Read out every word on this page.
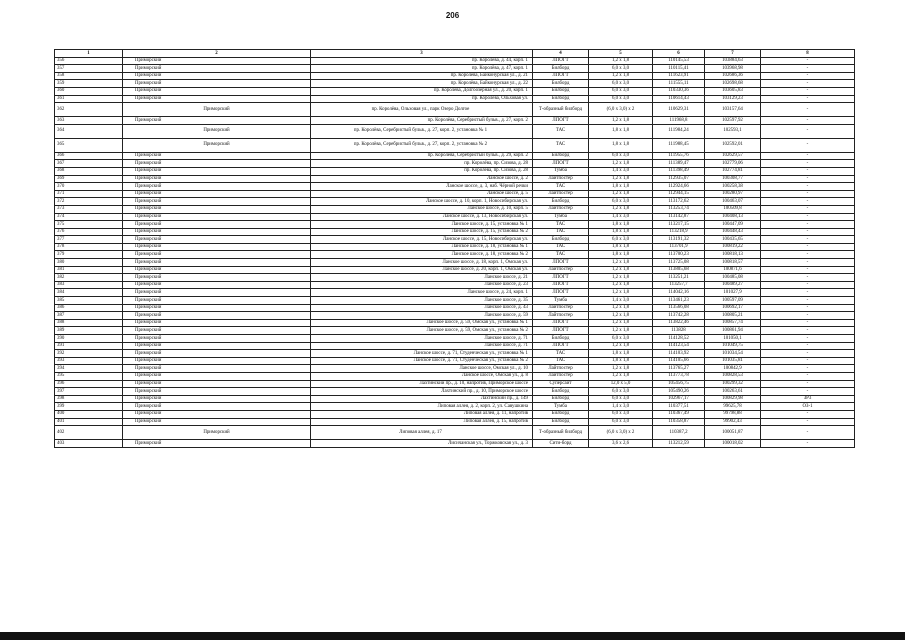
206
1	2	3	4	5	6	7	8
356	Приморский	пр. Королёва, д. 44, корп. 1	ЛПОГТ	1,2 x 1,8	110145,53	103884,63	-
357	Приморский	пр. Королёва, д. 47, корп. 1	Билборд	6,0 x 3,0	110115,41	103968,98	-
358	Приморский	пр. Королёва, Байконурская ул., д. 21	ЛПОГТ	1,2 x 1,8	111623,91	102686,36	-
359	Приморский	пр. Королёва, Байконурская ул., д. 22	Билборд	6,0 x 3,0	111555,11	102698,68	-
360	Приморский	пр. Королёва, Долгоозёрная ул., д. 20, корп. 1	Билборд	6,0 x 3,0	110330,36	103605,83	-
361	Приморский	пр. Королёва, Ольховая ул.	Билборд	6,0 x 3,0	110614,43	103129,23	-
362	Приморский	пр. Королёва, Ольховая ул., парк Озеро Долгое	Т-образный билборд	(6,0 x 3,0) x 2	110629,31	103157,64	-
363	Приморский	пр. Королёва, Серебристый бульв., д. 27, корп. 2	ЛПОГТ	1,2 x 1,8	111968,8	102597,92	-
364	Приморский	пр. Королёва, Серебристый бульв., д. 27, корп. 2, установка № 1	ТАС	1,8 x 1,8	111984,24	102593,1	-
365	Приморский	пр. Королёва, Серебристый бульв., д. 27, корп. 2, установка № 2	ТАС	1,8 x 1,8	111988,45	102592,01	-
366	Приморский	пр. Королёва, Серебристый бульв., д. 29, корп. 2	Билборд	6,0 x 3,0	111955,76	102629,57	-
367	Приморский	пр. Королёва, пр. Сизова, д. 28	ЛПОГТ	1,2 x 1,8	111389,47	102779,06	-
368	Приморский	пр. Королёва, пр. Сизова, д. 28	Тумба	1,4 x 3,0	111398,49	102774,81	-
369	Приморский	Ланское шоссе, д. 2	Лайтпостер	1,2 x 1,8	112935,07	100308,77	-
370	Приморский	Ланское шоссе, д. 3, наб. Чёрной речки	ТАС	1,8 x 1,8	112924,66	100258,38	-
371	Приморский	Ланское шоссе, д. 5	Лайтпостер	1,2 x 1,8	112944,15	100280,97	-
372	Приморский	Ланское шоссе, д. 10, корп. 1, Новосибирская ул.	Билборд	6,0 x 3,0	113172,62	100463,07	-
373	Приморский	Ланское шоссе, д. 10, корп. 5	Лайтпостер	1,2 x 1,8	113253,74	100509,8	-
374	Приморский	Ланское шоссе, д. 13, Новосибирская ул.	Тумба	1,4 x 3,0	113142,87	100408,13	-
375	Приморский	Ланское шоссе, д. 15, установка № 1	ТАС	1,8 x 1,8	113217,15	100447,09	-
376	Приморский	Ланское шоссе, д. 15, установка № 2	ТАС	1,8 x 1,8	113218,9	100448,43	-
377	Приморский	Ланское шоссе, д. 15, Новосибирская ул.	Билборд	6,0 x 3,0	113191,32	100435,65	-
378	Приморский	Ланское шоссе, д. 18, установка № 1	ТАС	1,8 x 1,8	113701,9	100819,22	-
379	Приморский	Ланское шоссе, д. 18, установка № 2	ТАС	1,8 x 1,8	113700,23	100818,13	-
380	Приморский	Ланское шоссе, д. 18, корп. 1, Омская ул.	ЛПОГТ	1,2 x 1,8	113725,08	100818,57	-
381	Приморский	Ланское шоссе, д. 20, корп. 1, Омская ул.	Лайтпостер	1,2 x 1,8	113805,68	100871,6	-
382	Приморский	Ланское шоссе, д. 21	ЛПОГТ	1,2 x 1,8	113251,21	100485,08	-
383	Приморский	Ланское шоссе, д. 23	ЛПОГТ	1,2 x 1,8	113257,7	100489,27	-
384	Приморский	Ланское шоссе, д. 24, корп. 1	ЛПОГТ	1,2 x 1,8	114042,16	101027,9	-
385	Приморский	Ланское шоссе, д. 35	Тумба	1,4 x 3,0	113461,23	100597,09	-
386	Приморский	Ланское шоссе, д. 43	Лайтпостер	1,2 x 1,8	113566,08	100692,17	-
387	Приморский	Ланское шоссе, д. 59	Лайтпостер	1,2 x 1,8	113742,28	100805,21	-
388	Приморский	Ланское шоссе, д. 59, Омская ул., установка № 1	ЛПОГТ	1,2 x 1,8	113822,46	100857,74	-
389	Приморский	Ланское шоссе, д. 59, Омская ул., установка № 2	ЛПОГТ	1,2 x 1,8	113828	100861,94	-
390	Приморский	Ланское шоссе, д. 71	Билборд	6,0 x 3,0	114128,52	101050,1	-
391	Приморский	Ланское шоссе, д. 71	ЛПОГТ	1,2 x 1,8	114123,54	101049,75	-
392	Приморский	Ланское шоссе, д. 71, Студенческая ул., установка № 1	ТАС	1,8 x 1,8	114103,92	101034,54	-
393	Приморский	Ланское шоссе, д. 71, Студенческая ул., установка № 2	ТАС	1,8 x 1,8	114105,66	101035,81	-
394	Приморский	Ланское шоссе, Омская ул., д. 10	Лайтпостер	1,2 x 1,8	113765,27	100842,9	-
395	Приморский	Ланское шоссе, Омская ул., д. 8	Лайтпостер	1,2 x 1,8	113773,78	100828,53	-
396	Приморский	Лахтинский пр., д. 10, напротив, Приморское шоссе	Суперсайт	12,0 x 5,0	105456,75	100299,32	-
397	Приморский	Лахтинский пр., д. 10, Приморское шоссе	Билборд	6,0 x 3,0	105490,26	100263,61	-
398	Приморский	Лахтинский пр., д. 149	Билборд	6,0 x 3,0	102967,17	100829,98	ЗР3
399	Приморский	Липовая аллея, д. 2, корп. 2, ул. Савушкина	Тумба	1,4 x 3,0	110377,51	99625,78	ОЗ-1
400	Приморский	Липовая аллея, д. 11, напротив	Билборд	6,0 x 3,0	110367,49	99798,88	-
401	Приморский	Липовая аллея, д. 15, напротив	Билборд	6,0 x 3,0	110358,87	99902,43	-
402	Приморский	Липовая аллея, д. 17	Т-образный билборд	(6,0 x 3,0) x 2	110387,2	100051,87	-
403	Приморский	Лисичанская ул., Торжковская ул., д. 3	Сити-борд	3,6 x 2,6	113212,59	100018,02	-
